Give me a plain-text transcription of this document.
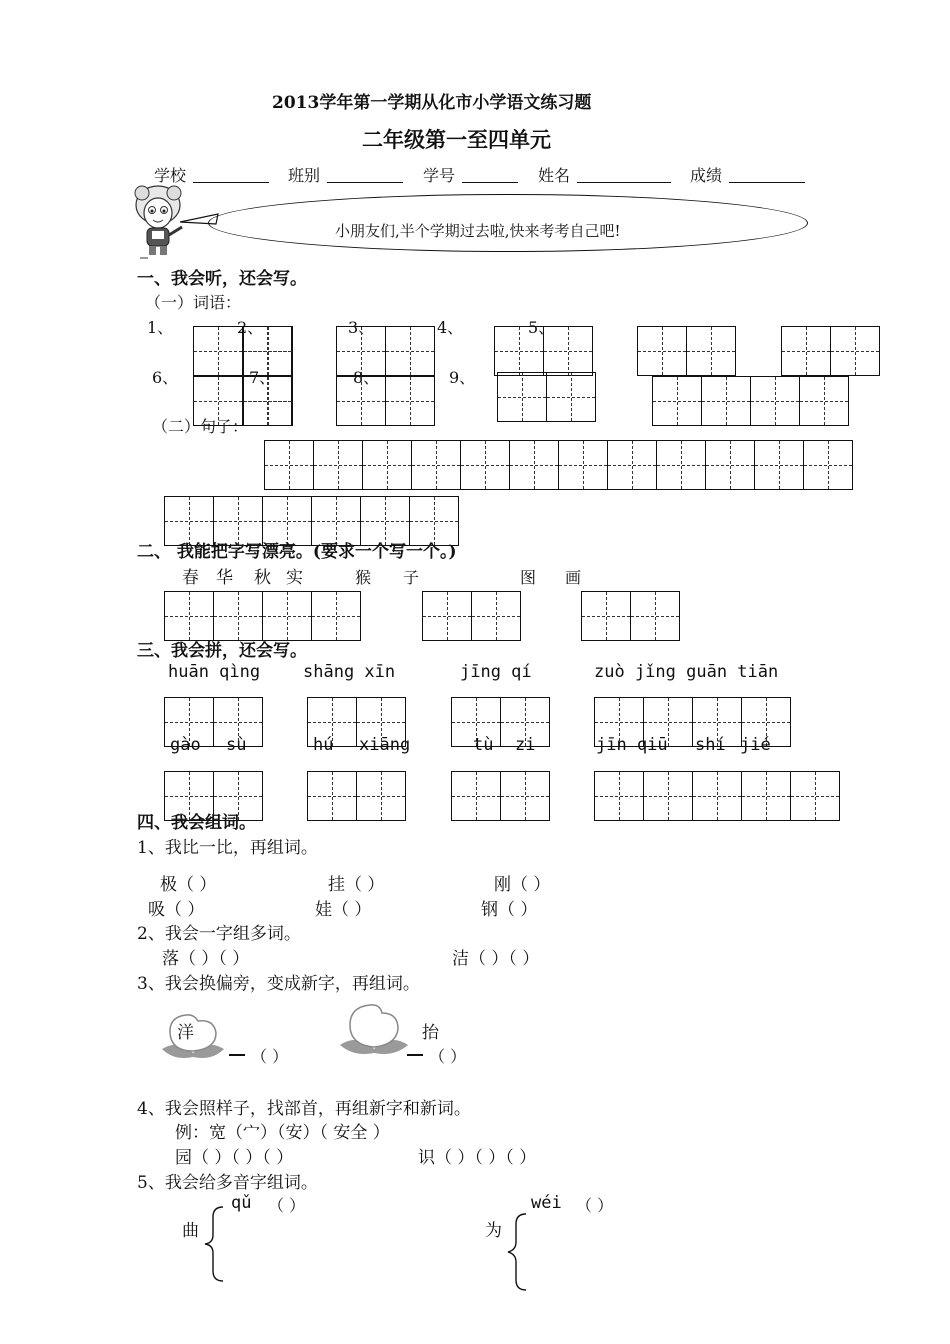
2013学年第一学期从化市小学语文练习题
二年级第一至四单元
学校	班别	学号	姓名	成绩
小朋友们,半个学期过去啦,快来考考自己吧!
一、我会听，还会写。
（一）词语：
1、	2、	3、	4、	5、
6、	7、	8、	9、
（二）句子：
二、 我能把字写漂亮。(要求一个写一个。)
春 华 秋 实	猴 子	图 画
三、我会拼，还会写。
huān qìng	shāng xīn	jīng qí	zuò jǐng guān tiān
gào sù	hú xiāng	tù zi	jīn qiū shí jié
四、我会组词。
1、我比一比，再组词。
极（ ）	挂（ ）	刚（ ）
吸（ ）	娃（ ）	钢（ ）
2、我会一字组多词。
落（ ）（ ）	洁（ ）（ ）
3、我会换偏旁，变成新字，再组词。
洋
（ ）
抬
（ ）
4、我会照样子，找部首，再组新字和新词。
例：宽（宀）（安）（ 安全 ）
园（ ）（ ）（ ）	识（ ）（ ）（ ）
5、我会给多音字组词。
qǔ （ ）
曲
wéi （ ）
为
